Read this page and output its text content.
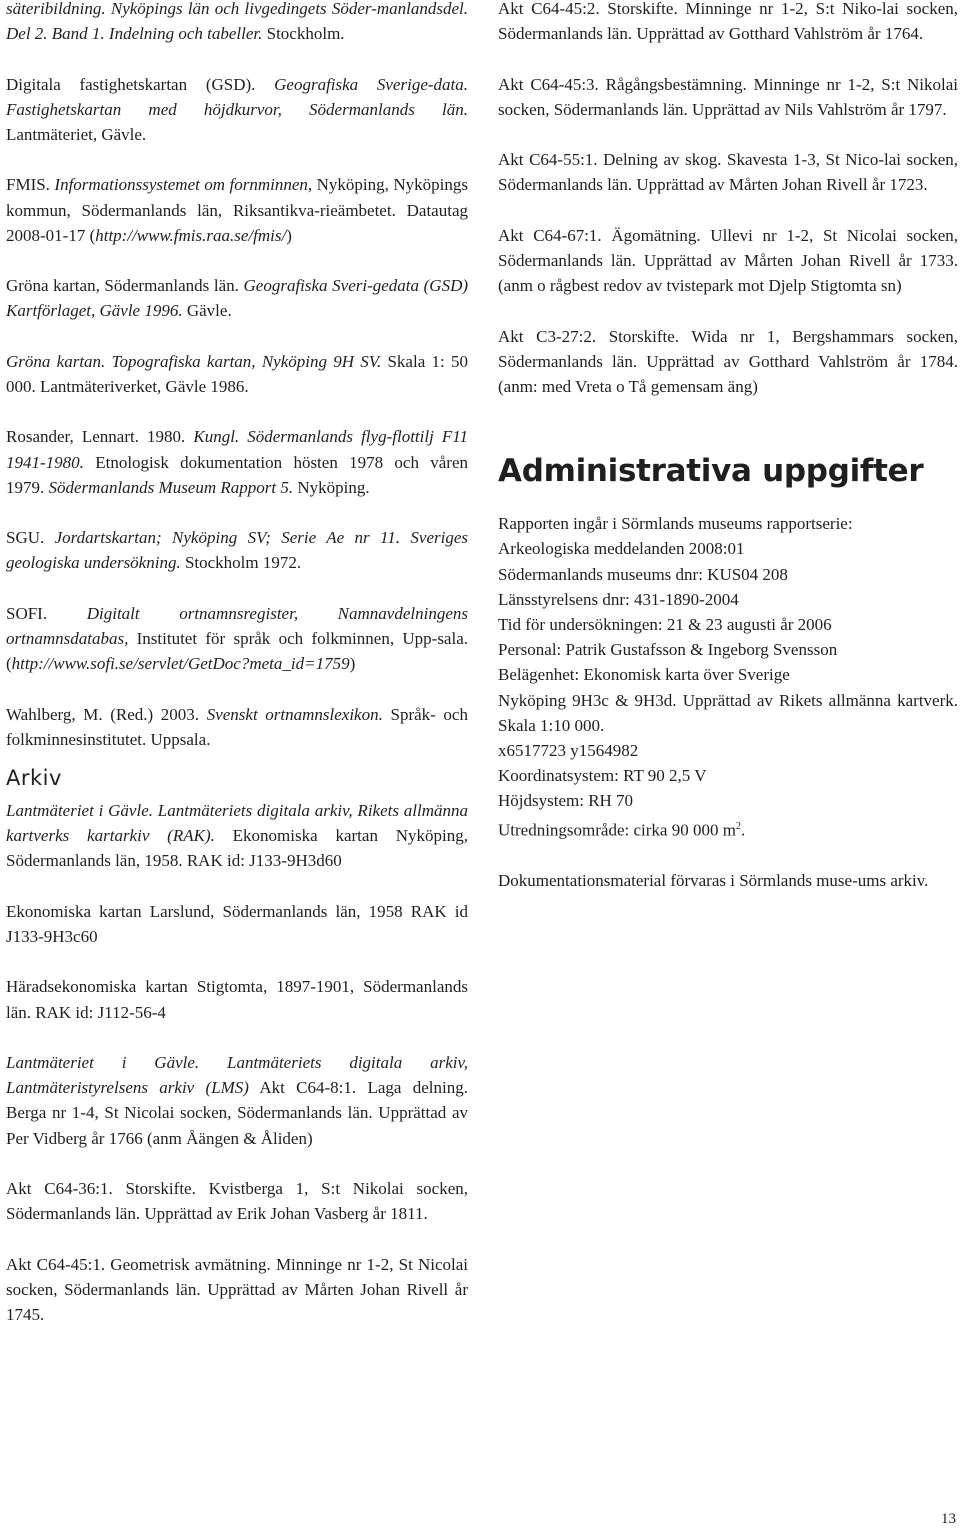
säteribildning. Nyköpings län och livgedingets Söder-manlandsdel. Del 2. Band 1. Indelning och tabeller. Stockholm.

Digitala fastighetskartan (GSD). Geografiska Sverige-data. Fastighetskartan med höjdkurvor, Södermanlands län. Lantmäteriet, Gävle.

FMIS. Informationssystemet om fornminnen, Nyköping, Nyköpings kommun, Södermanlands län, Riksantikva-rieämbetet. Datautag 2008-01-17 (http://www.fmis.raa.se/fmis/)

Gröna kartan, Södermanlands län. Geografiska Sveri-gedata (GSD) Kartförlaget, Gävle 1996. Gävle.

Gröna kartan. Topografiska kartan, Nyköping 9H SV. Skala 1: 50 000. Lantmäteriverket, Gävle 1986.

Rosander, Lennart. 1980. Kungl. Södermanlands flyg-flottilj F11 1941-1980. Etnologisk dokumentation hösten 1978 och våren 1979. Södermanlands Museum Rapport 5. Nyköping.

SGU. Jordartskartan; Nyköping SV; Serie Ae nr 11. Sveriges geologiska undersökning. Stockholm 1972.

SOFI. Digitalt ortnamnsregister, Namnavdelningens ortnamnsdatabas, Institutet för språk och folkminnen, Upp-sala. (http://www.sofi.se/servlet/GetDoc?meta_id=1759)

Wahlberg, M. (Red.) 2003. Svenskt ortnamnslexikon. Språk- och folkminnesinstitutet. Uppsala.

Arkiv

Lantmäteriet i Gävle. Lantmäteriets digitala arkiv, Rikets allmänna kartverks kartarkiv (RAK). Ekonomiska kartan Nyköping, Södermanlands län, 1958. RAK id: J133-9H3d60

Ekonomiska kartan Larslund, Södermanlands län, 1958 RAK id J133-9H3c60

Häradsekonomiska kartan Stigtomta, 1897-1901, Södermanlands län. RAK id: J112-56-4

Lantmäteriet i Gävle. Lantmäteriets digitala arkiv, Lantmäteristyrelsens arkiv (LMS) Akt C64-8:1. Laga delning. Berga nr 1-4, St Nicolai socken, Södermanlands län. Upprättad av Per Vidberg år 1766 (anm Åängen & Åliden)

Akt C64-36:1. Storskifte. Kvistberga 1, S:t Nikolai socken, Södermanlands län. Upprättad av Erik Johan Vasberg år 1811.

Akt C64-45:1. Geometrisk avmätning. Minninge nr 1-2, St Nicolai socken, Södermanlands län. Upprättad av Mårten Johan Rivell år 1745.

Akt C64-45:2. Storskifte. Minninge nr 1-2, S:t Niko-lai socken, Södermanlands län. Upprättad av Gotthard Vahlström år 1764.

Akt C64-45:3. Rågångsbestämning. Minninge nr 1-2, S:t Nikolai socken, Södermanlands län. Upprättad av Nils Vahlström år 1797.

Akt C64-55:1. Delning av skog. Skavesta 1-3, St Nico-lai socken, Södermanlands län. Upprättad av Mårten Johan Rivell år 1723.

Akt C64-67:1. Ägomätning. Ullevi nr 1-2, St Nicolai socken, Södermanlands län. Upprättad av Mårten Johan Rivell år 1733. (anm o rågbest redov av tvistepark mot Djelp Stigtomta sn)

Akt C3-27:2. Storskifte. Wida nr 1, Bergshammars socken, Södermanlands län. Upprättad av Gotthard Vahlström år 1784. (anm: med Vreta o Tå gemensam äng)

Administrativa uppgifter

Rapporten ingår i Sörmlands museums rapportserie:

Arkeologiska meddelanden 2008:01

Södermanlands museums dnr: KUS04 208

Länsstyrelsens dnr: 431-1890-2004

Tid för undersökningen: 21 & 23 augusti år 2006

Personal: Patrik Gustafsson & Ingeborg Svensson

Belägenhet: Ekonomisk karta över Sverige

Nyköping 9H3c & 9H3d. Upprättad av Rikets allmänna kartverk. Skala 1:10 000.

x6517723 y1564982

Koordinatsystem: RT 90 2,5 V

Höjdsystem: RH 70

Utredningsområde: cirka 90 000 $m^2$.

Dokumentationsmaterial förvaras i Sörmlands muse-ums arkiv.

13
